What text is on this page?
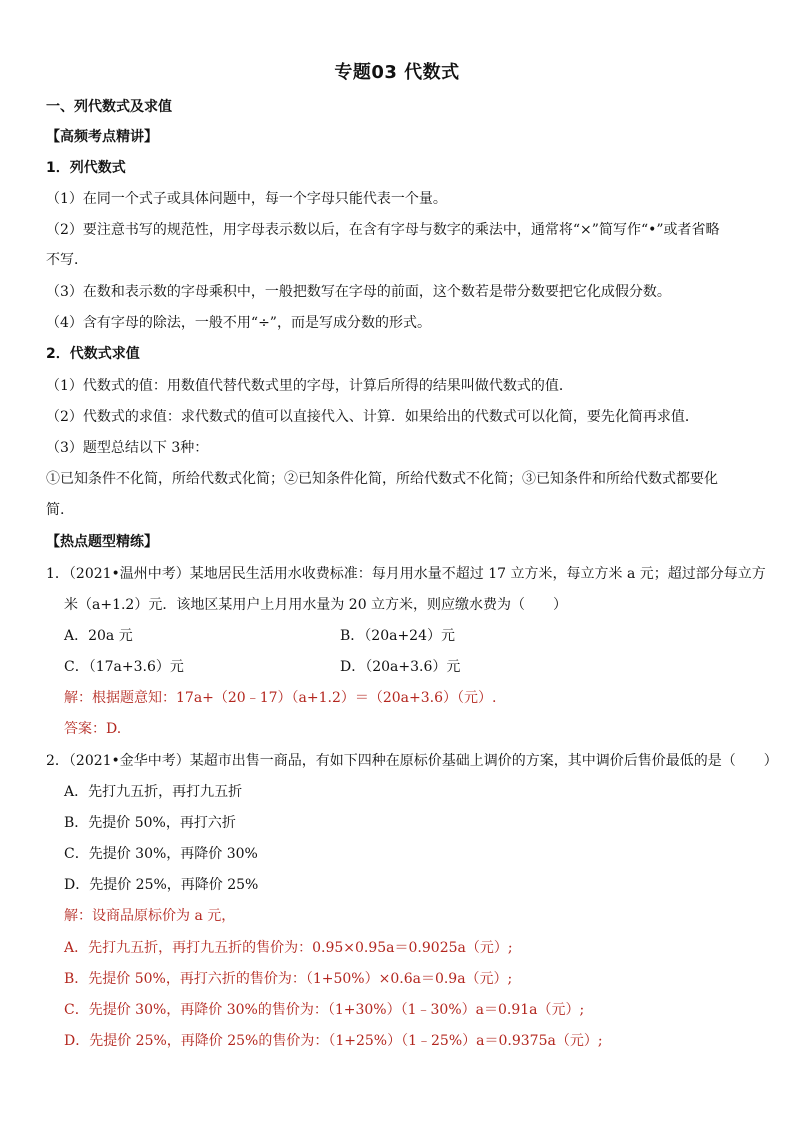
专题03 代数式
一、列代数式及求值
【高频考点精讲】
1．列代数式
（1）在同一个式子或具体问题中，每一个字母只能代表一个量。
（2）要注意书写的规范性，用字母表示数以后，在含有字母与数字的乘法中，通常将“×”简写作“•”或者省略
不写．
（3）在数和表示数的字母乘积中，一般把数写在字母的前面，这个数若是带分数要把它化成假分数。
（4）含有字母的除法，一般不用“÷”，而是写成分数的形式。
2．代数式求值
（1）代数式的值：用数值代替代数式里的字母，计算后所得的结果叫做代数式的值．
（2）代数式的求值：求代数式的值可以直接代入、计算．如果给出的代数式可以化简，要先化简再求值．
（3）题型总结以下 3种：
①已知条件不化简，所给代数式化简；②已知条件化简，所给代数式不化简；③已知条件和所给代数式都要化
简.
【热点题型精练】
1．（2021•温州中考）某地居民生活用水收费标准：每月用水量不超过 17 立方米，每立方米 a 元；超过部分每立方
米（a+1.2）元．该地区某用户上月用水量为 20 立方米，则应缴水费为（　　）
A．20a 元	B．（20a+24）元
C．（17a+3.6）元	D．（20a+3.6）元
解：根据题意知：17a+（20﹣17）（a+1.2）＝（20a+3.6）（元）.
答案：D.
2．（2021•金华中考）某超市出售一商品，有如下四种在原标价基础上调价的方案，其中调价后售价最低的是（　　）
A．先打九五折，再打九五折
B．先提价 50%，再打六折
C．先提价 30%，再降价 30%
D．先提价 25%，再降价 25%
解：设商品原标价为 a 元，
A．先打九五折，再打九五折的售价为：0.95×0.95a＝0.9025a（元）;
B．先提价 50%，再打六折的售价为：（1+50%）×0.6a＝0.9a（元）;
C．先提价 30%，再降价 30%的售价为：（1+30%）（1﹣30%）a＝0.91a（元）;
D．先提价 25%，再降价 25%的售价为：（1+25%）（1﹣25%）a＝0.9375a（元）;
